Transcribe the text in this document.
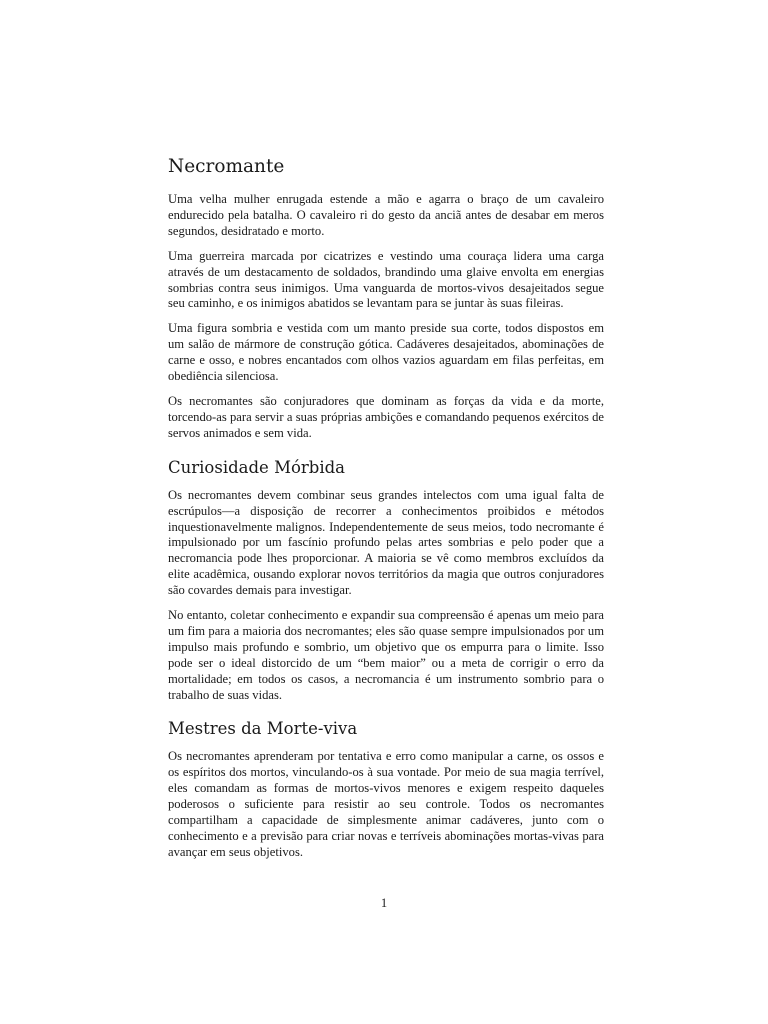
Necromante

Uma velha mulher enrugada estende a mão e agarra o braço de um cavaleiro endurecido pela batalha. O cavaleiro ri do gesto da anciã antes de desabar em meros segundos, desidratado e morto.

Uma guerreira marcada por cicatrizes e vestindo uma couraça lidera uma carga através de um destacamento de soldados, brandindo uma glaive envolta em energias sombrias contra seus inimigos. Uma vanguarda de mortos-vivos desajeitados segue seu caminho, e os inimigos abatidos se levantam para se juntar às suas fileiras.

Uma figura sombria e vestida com um manto preside sua corte, todos dispostos em um salão de mármore de construção gótica. Cadáveres desajeitados, abominações de carne e osso, e nobres encantados com olhos vazios aguardam em filas perfeitas, em obediência silenciosa.

Os necromantes são conjuradores que dominam as forças da vida e da morte, torcendo-as para servir a suas próprias ambições e comandando pequenos exércitos de servos animados e sem vida.

Curiosidade Mórbida

Os necromantes devem combinar seus grandes intelectos com uma igual falta de escrúpulos—a disposição de recorrer a conhecimentos proibidos e métodos inquestionavelmente malignos. Independentemente de seus meios, todo necromante é impulsionado por um fascínio profundo pelas artes sombrias e pelo poder que a necromancia pode lhes proporcionar. A maioria se vê como membros excluídos da elite acadêmica, ousando explorar novos territórios da magia que outros conjuradores são covardes demais para investigar.

No entanto, coletar conhecimento e expandir sua compreensão é apenas um meio para um fim para a maioria dos necromantes; eles são quase sempre impulsionados por um impulso mais profundo e sombrio, um objetivo que os empurra para o limite. Isso pode ser o ideal distorcido de um “bem maior” ou a meta de corrigir o erro da mortalidade; em todos os casos, a necromancia é um instrumento sombrio para o trabalho de suas vidas.

Mestres da Morte-viva

Os necromantes aprenderam por tentativa e erro como manipular a carne, os ossos e os espíritos dos mortos, vinculando-os à sua vontade. Por meio de sua magia terrível, eles comandam as formas de mortos-vivos menores e exigem respeito daqueles poderosos o suficiente para resistir ao seu controle. Todos os necromantes compartilham a capacidade de simplesmente animar cadáveres, junto com o conhecimento e a previsão para criar novas e terríveis abominações mortas-vivas para avançar em seus objetivos.

1
